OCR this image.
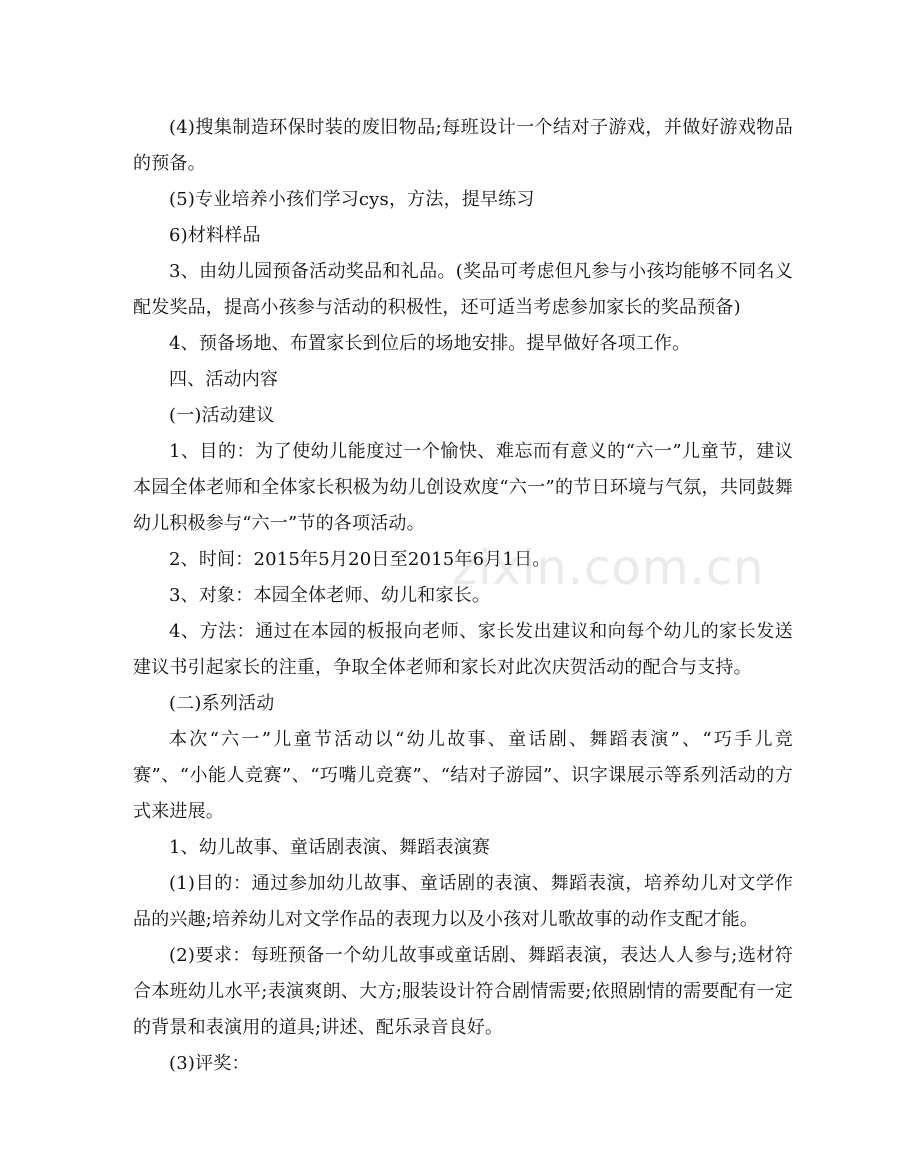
(4)搜集制造环保时装的废旧物品;每班设计一个结对子游戏，并做好游戏物品的预备。

(5)专业培养小孩们学习cys，方法，提早练习

6)材料样品

3、由幼儿园预备活动奖品和礼品。(奖品可考虑但凡参与小孩均能够不同名义配发奖品，提高小孩参与活动的积极性，还可适当考虑参加家长的奖品预备)

4、预备场地、布置家长到位后的场地安排。提早做好各项工作。

四、活动内容

(一)活动建议

1、目的：为了使幼儿能度过一个愉快、难忘而有意义的“六一”儿童节，建议本园全体老师和全体家长积极为幼儿创设欢度“六一”的节日环境与气氛，共同鼓舞幼儿积极参与“六一”节的各项活动。

2、时间：2015年5月20日至2015年6月1日。

3、对象：本园全体老师、幼儿和家长。

4、方法：通过在本园的板报向老师、家长发出建议和向每个幼儿的家长发送建议书引起家长的注重，争取全体老师和家长对此次庆贺活动的配合与支持。

(二)系列活动

本次“六一”儿童节活动以“幼儿故事、童话剧、舞蹈表演”、“巧手儿竞赛”、“小能人竞赛”、“巧嘴儿竞赛”、“结对子游园”、识字课展示等系列活动的方式来进展。

1、幼儿故事、童话剧表演、舞蹈表演赛

(1)目的：通过参加幼儿故事、童话剧的表演、舞蹈表演，培养幼儿对文学作品的兴趣;培养幼儿对文学作品的表现力以及小孩对儿歌故事的动作支配才能。

(2)要求：每班预备一个幼儿故事或童话剧、舞蹈表演，表达人人参与;选材符合本班幼儿水平;表演爽朗、大方;服装设计符合剧情需要;依照剧情的需要配有一定的背景和表演用的道具;讲述、配乐录音良好。

(3)评奖：

zixin.com.cn
